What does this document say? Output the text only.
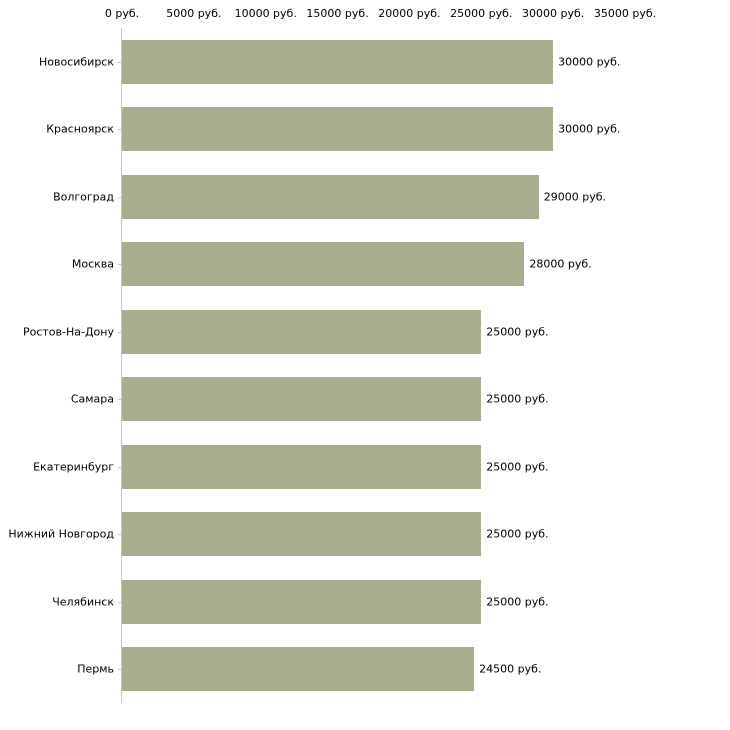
0 руб. 5000 руб. 10000 руб. 15000 руб. 20000 руб. 25000 руб. 30000 руб. 35000 руб.
30000 руб.
30000 руб.
29000 руб.
28000 руб.
25000 руб.
25000 руб.
25000 руб.
25000 руб.
25000 руб.
24500 руб.
Новосибирск
Красноярск
Волгоград
Москва
Ростов-На-Дону
Самара
Екатеринбург
Нижний Новгород
Челябинск
Пермь
